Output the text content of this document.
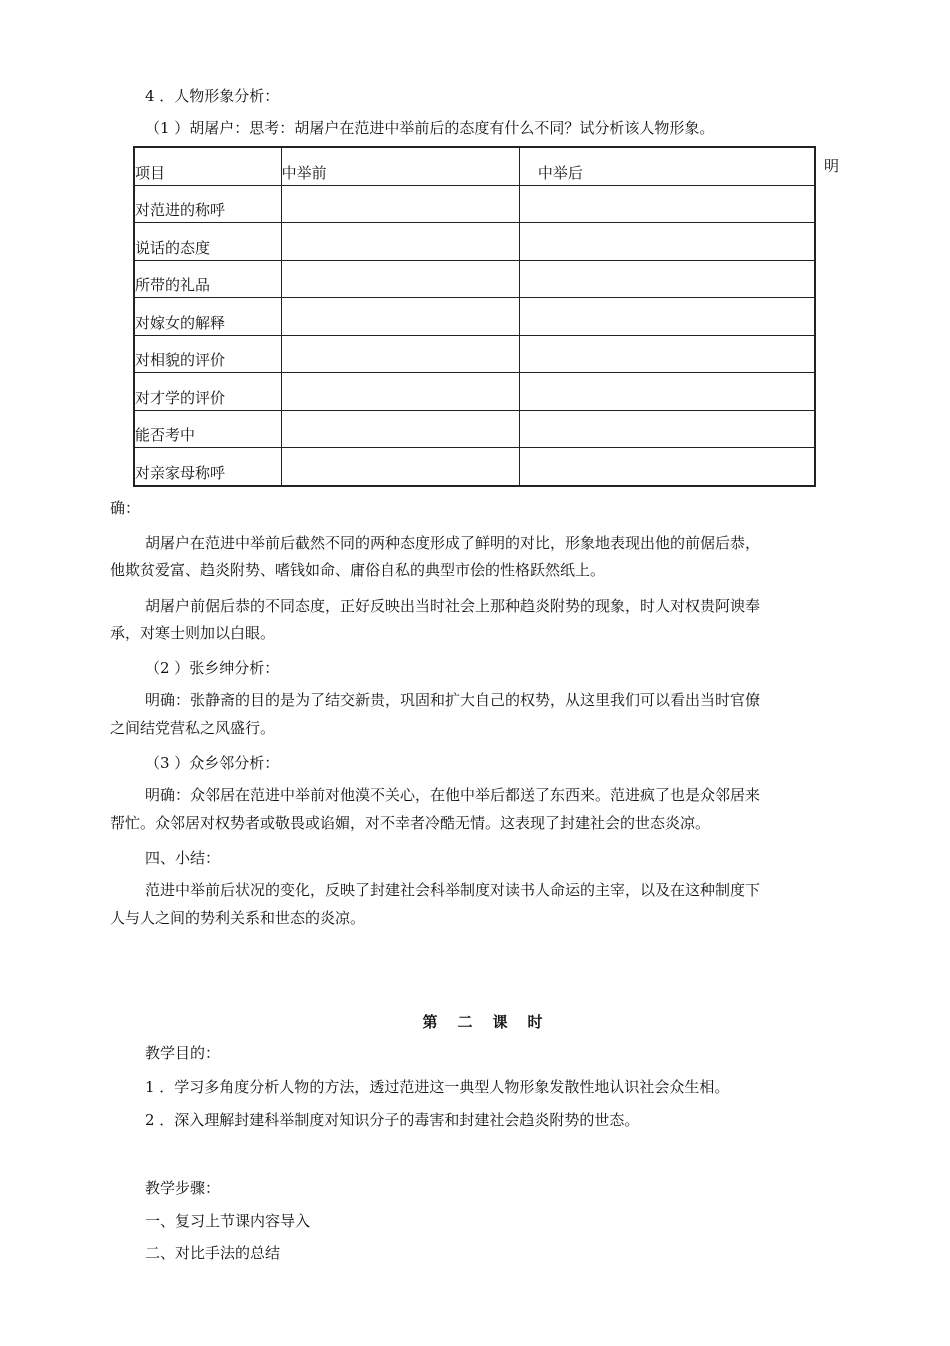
4 ．人物形象分析：
（1 ）胡屠户：思考：胡屠户在范进中举前后的态度有什么不同？试分析该人物形象。
明
项目	中举前	中举后
对范进的称呼		
说话的态度		
所带的礼品		
对嫁女的解释		
对相貌的评价		
对才学的评价		
能否考中		
对亲家母称呼		
确：
胡屠户在范进中举前后截然不同的两种态度形成了鲜明的对比，形象地表现出他的前倨后恭，
他欺贫爱富、趋炎附势、嗜钱如命、庸俗自私的典型市侩的性格跃然纸上。
胡屠户前倨后恭的不同态度，正好反映出当时社会上那种趋炎附势的现象，时人对权贵阿谀奉
承，对寒士则加以白眼。
（2 ）张乡绅分析：
明确：张静斋的目的是为了结交新贵，巩固和扩大自己的权势，从这里我们可以看出当时官僚
之间结党营私之风盛行。
（3 ）众乡邻分析：
明确：众邻居在范进中举前对他漠不关心，在他中举后都送了东西来。范进疯了也是众邻居来
帮忙。众邻居对权势者或敬畏或谄媚，对不幸者冷酷无情。这表现了封建社会的世态炎凉。
四、小结：
范进中举前后状况的变化，反映了封建社会科举制度对读书人命运的主宰，以及在这种制度下
人与人之间的势利关系和世态的炎凉。
第二课时
教学目的：
1 ．学习多角度分析人物的方法，透过范进这一典型人物形象发散性地认识社会众生相。
2 ．深入理解封建科举制度对知识分子的毒害和封建社会趋炎附势的世态。
教学步骤：
一、复习上节课内容导入
二、对比手法的总结
